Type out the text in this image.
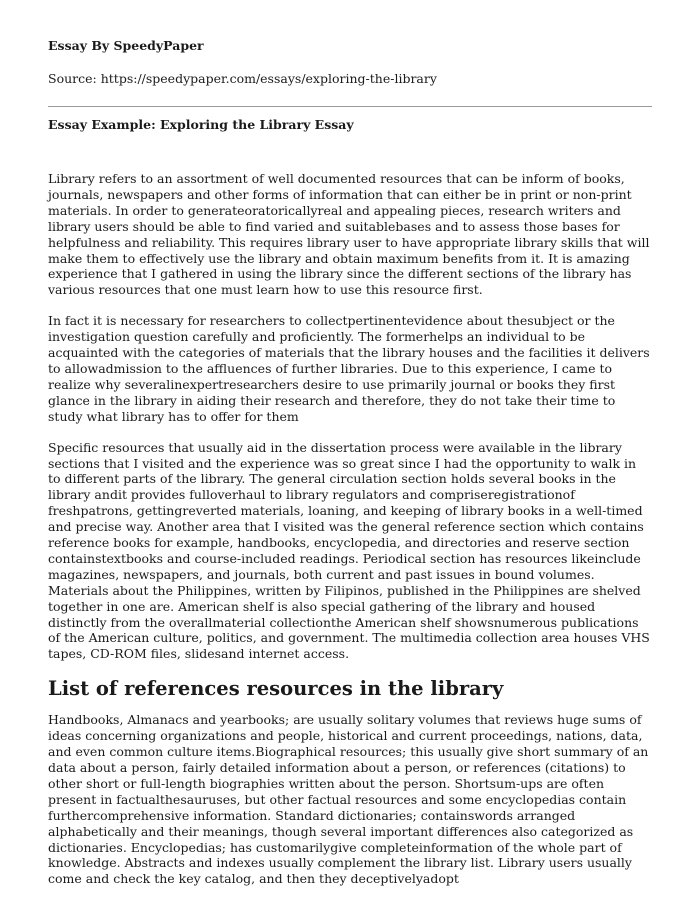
Essay By SpeedyPaper
Source: https://speedypaper.com/essays/exploring-the-library
Essay Example: Exploring the Library Essay

Library refers to an assortment of well documented resources that can be inform of books, journals, newspapers and other forms of information that can either be in print or non-print materials. In order to generateoratoricallyreal and appealing pieces, research writers and library users should be able to find varied and suitablebases and to assess those bases for helpfulness and reliability. This requires library user to have appropriate library skills that will make them to effectively use the library and obtain maximum benefits from it. It is amazing experience that I gathered in using the library since the different sections of the library has various resources that one must learn how to use this resource first.

In fact it is necessary for researchers to collectpertinentevidence about thesubject or the investigation question carefully and proficiently. The formerhelps an individual to be acquainted with the categories of materials that the library houses and the facilities it delivers to allowadmission to the affluences of further libraries. Due to this experience, I came to realize why severalinexpertresearchers desire to use primarily journal or books they first glance in the library in aiding their research and therefore, they do not take their time to study what library has to offer for them

Specific resources that usually aid in the dissertation process were available in the library sections that I visited and the experience was so great since I had the opportunity to walk in to different parts of the library. The general circulation section holds several books in the library andit provides fulloverhaul to library regulators and compriseregistrationof freshpatrons, gettingreverted materials, loaning, and keeping of library books in a well-timed and precise way. Another area that I visited was the general reference section which contains reference books for example, handbooks, encyclopedia, and directories and reserve section containstextbooks and course-included readings. Periodical section has resources likeinclude magazines, newspapers, and journals, both current and past issues in bound volumes. Materials about the Philippines, written by Filipinos, published in the Philippines are shelved together in one are. American shelf is also special gathering of the library and housed distinctly from the overallmaterial collectionthe American shelf showsnumerous publications of the American culture, politics, and government. The multimedia collection area houses VHS tapes, CD-ROM files, slidesand internet access.

List of references resources in the library

Handbooks, Almanacs and yearbooks; are usually solitary volumes that reviews huge sums of ideas concerning organizations and people, historical and current proceedings, nations, data, and even common culture items.Biographical resources; this usually give short summary of an data about a person, fairly detailed information about a person, or references (citations) to other short or full-length biographies written about the person. Shortsum-ups are often present in factualthesauruses, but other factual resources and some encyclopedias contain furthercomprehensive information. Standard dictionaries; containswords arranged alphabetically and their meanings, though several important differences also categorized as dictionaries. Encyclopedias; has customarilygive completeinformation of the whole part of knowledge. Abstracts and indexes usually complement the library list. Library users usually come and check the key catalog, and then they deceptivelyadopt
